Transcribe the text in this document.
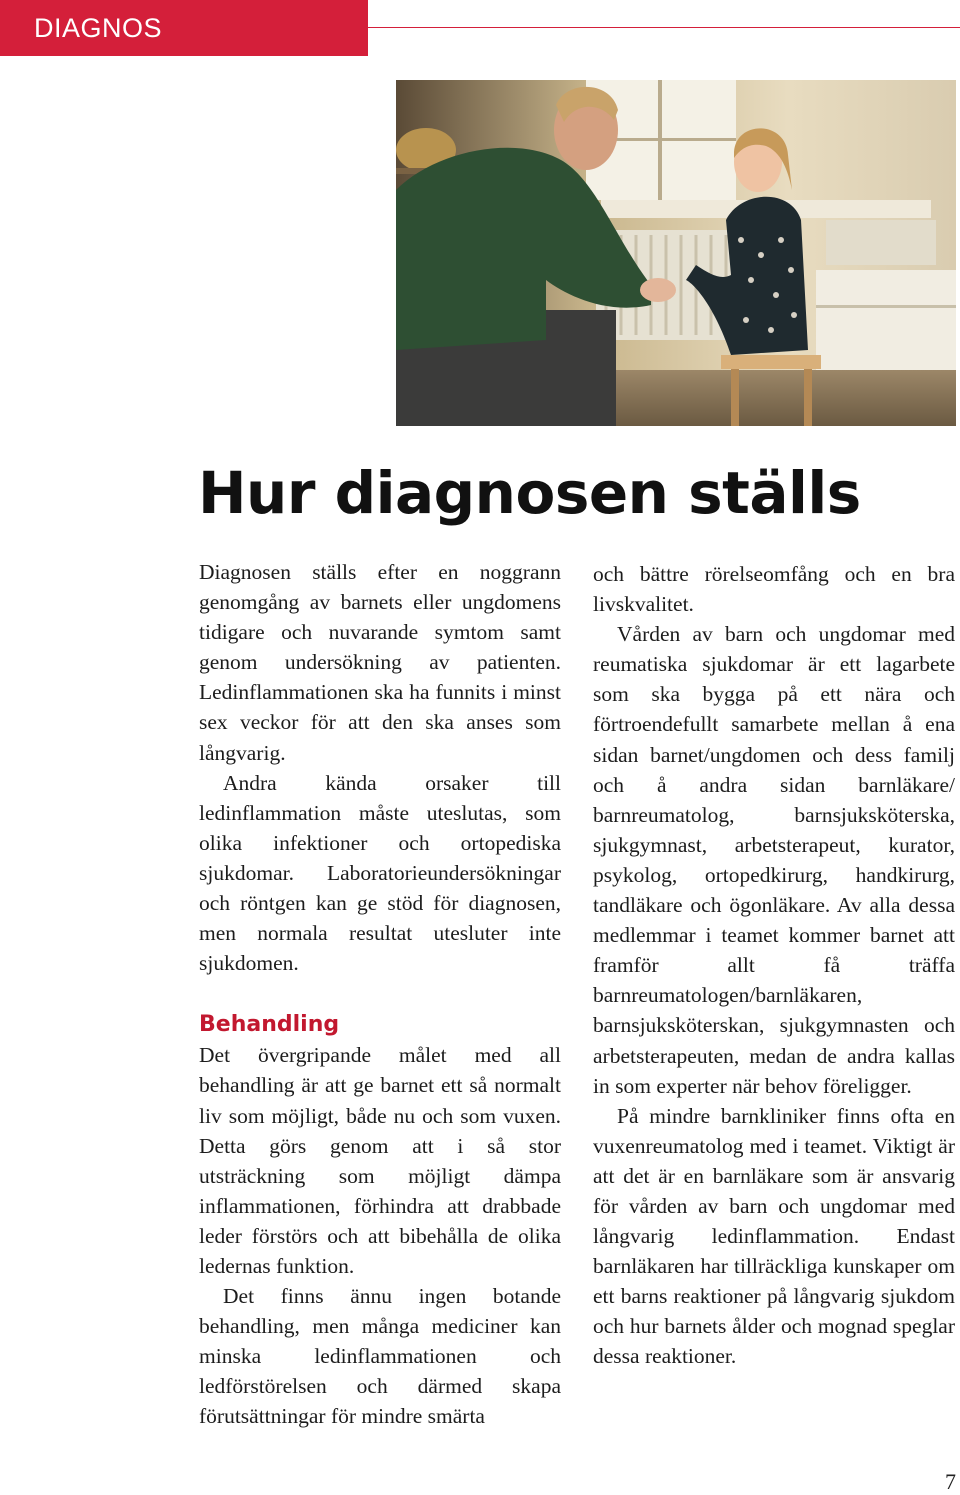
DIAGNOS
Hur diagnosen ställs

Diagnosen ställs efter en noggrann genomgång av barnets eller ungdomens tidigare och nuvarande symtom samt genom undersökning av patienten. Ledinflammationen ska ha funnits i minst sex veckor för att den ska anses som långvarig.

Andra kända orsaker till ledinflammation måste uteslutas, som olika infektioner och ortopediska sjukdomar. Laboratorieundersökningar och röntgen kan ge stöd för diagnosen, men normala resultat utesluter inte sjukdomen.

Behandling

Det övergripande målet med all behandling är att ge barnet ett så normalt liv som möjligt, både nu och som vuxen. Detta görs genom att i så stor utsträckning som möjligt dämpa inflammationen, förhindra att drabbade leder förstörs och att bibehålla de olika ledernas funktion.

Det finns ännu ingen botande behandling, men många mediciner kan minska ledinflammationen och ledförstörelsen och därmed skapa förutsättningar för mindre smärta

och bättre rörelseomfång och en bra livskvalitet.

Vården av barn och ungdomar med reumatiska sjukdomar är ett lagarbete som ska bygga på ett nära och förtroendefullt samarbete mellan å ena sidan barnet/ungdomen och dess familj och å andra sidan barnläkare/ barnreumatolog, barnsjuksköterska, sjukgymnast, arbetsterapeut, kurator, psykolog, ortopedkirurg, handkirurg, tandläkare och ögonläkare. Av alla dessa medlemmar i teamet kommer barnet att framför allt få träffa barnreumatologen/barnläkaren, barnsjuksköterskan, sjukgymnasten och arbetsterapeuten, medan de andra kallas in som experter när behov föreligger.

På mindre barnkliniker finns ofta en vuxenreumatolog med i teamet. Viktigt är att det är en barnläkare som är ansvarig för vården av barn och ungdomar med långvarig ledinflammation. Endast barnläkaren har tillräckliga kunskaper om ett barns reaktioner på långvarig sjukdom och hur barnets ålder och mognad speglar dessa reaktioner.

7
